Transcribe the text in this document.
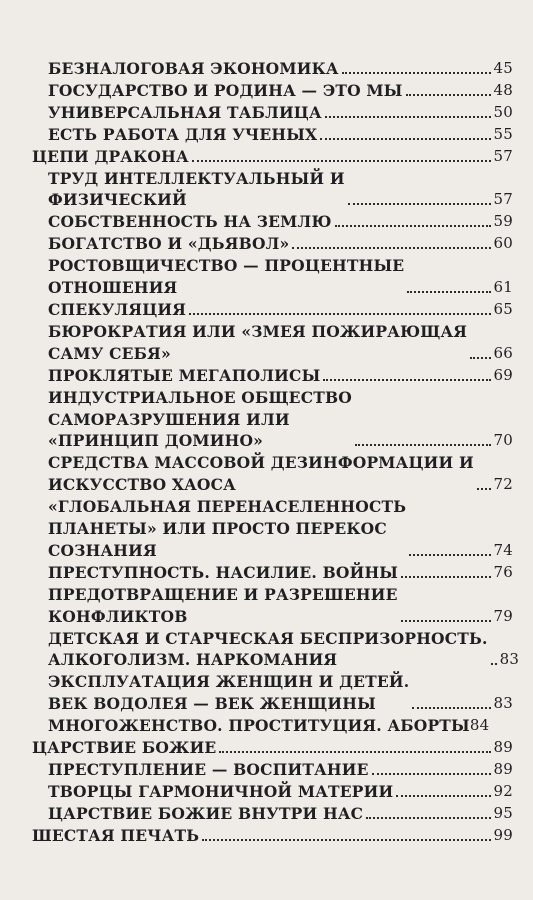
БЕЗНАЛОГОВАЯ ЭКОНОМИКА	45
ГОСУДАРСТВО И РОДИНА — ЭТО МЫ	48
УНИВЕРСАЛЬНАЯ ТАБЛИЦА	50
ЕСТЬ РАБОТА ДЛЯ УЧЕНЫХ	55
ЦЕПИ ДРАКОНА	57
ТРУД ИНТЕЛЛЕКТУАЛЬНЫЙ И
ФИЗИЧЕСКИЙ	57
СОБСТВЕННОСТЬ НА ЗЕМЛЮ	59
БОГАТСТВО И «ДЬЯВОЛ»	60
РОСТОВЩИЧЕСТВО — ПРОЦЕНТНЫЕ
ОТНОШЕНИЯ	61
СПЕКУЛЯЦИЯ	65
БЮРОКРАТИЯ ИЛИ «ЗМЕЯ ПОЖИРАЮЩАЯ
САМУ СЕБЯ»	66
ПРОКЛЯТЫЕ МЕГАПОЛИСЫ	69
ИНДУСТРИАЛЬНОЕ ОБЩЕСТВО
САМОРАЗРУШЕНИЯ ИЛИ
«ПРИНЦИП ДОМИНО»	70
СРЕДСТВА МАССОВОЙ ДЕЗИНФОРМАЦИИ И
ИСКУССТВО ХАОСА	72
«ГЛОБАЛЬНАЯ ПЕРЕНАСЕЛЕННОСТЬ
ПЛАНЕТЫ» ИЛИ ПРОСТО ПЕРЕКОС
СОЗНАНИЯ	74
ПРЕСТУПНОСТЬ. НАСИЛИЕ. ВОЙНЫ	76
ПРЕДОТВРАЩЕНИЕ И РАЗРЕШЕНИЕ
КОНФЛИКТОВ	79
ДЕТСКАЯ И СТАРЧЕСКАЯ БЕСПРИЗОРНОСТЬ.
АЛКОГОЛИЗМ. НАРКОМАНИЯ	83
ЭКСПЛУАТАЦИЯ ЖЕНЩИН И ДЕТЕЙ.
ВЕК ВОДОЛЕЯ — ВЕК ЖЕНЩИНЫ	83
МНОГОЖЕНСТВО. ПРОСТИТУЦИЯ. АБОРТЫ 84
ЦАРСТВИЕ БОЖИЕ	89
ПРЕСТУПЛЕНИЕ — ВОСПИТАНИЕ	89
ТВОРЦЫ ГАРМОНИЧНОЙ МАТЕРИИ	92
ЦАРСТВИЕ БОЖИЕ ВНУТРИ НАС	95
ШЕСТАЯ ПЕЧАТЬ	99
